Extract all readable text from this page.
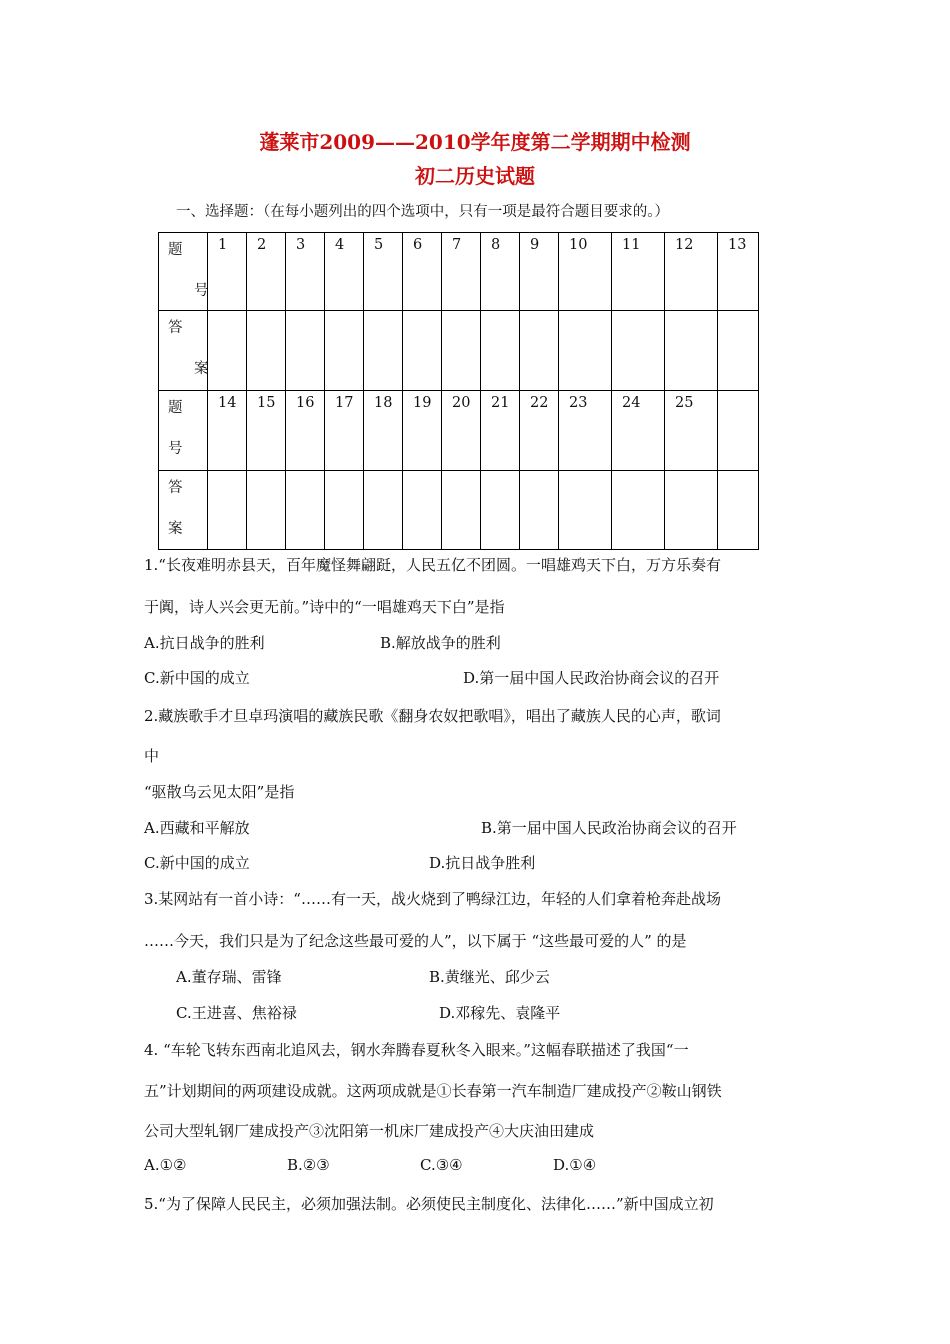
蓬莱市2009——2010学年度第二学期期中检测
初二历史试题
一、选择题：（在每小题列出的四个选项中，只有一项是最符合题目要求的。）
题
号	1	2	3	4	5	6	7	8	9	10	11	12	13

答
案													

题
号	14	15	16	17	18	19	20	21	22	23	24	25	

答
案													

1.“长夜难明赤县天，百年魔怪舞翩跹，人民五亿不团圆。一唱雄鸡天下白，万方乐奏有
于阗，诗人兴会更无前。”诗中的“一唱雄鸡天下白”是指
A.抗日战争的胜利	B.解放战争的胜利
C.新中国的成立	D.第一届中国人民政治协商会议的召开
2.藏族歌手才旦卓玛演唱的藏族民歌《翻身农奴把歌唱》，唱出了藏族人民的心声，歌词
中
“驱散乌云见太阳”是指
A.西藏和平解放	B.第一届中国人民政治协商会议的召开
C.新中国的成立	D.抗日战争胜利
3.某网站有一首小诗：“……有一天，战火烧到了鸭绿江边，年轻的人们拿着枪奔赴战场
……今天，我们只是为了纪念这些最可爱的人”，以下属于 “这些最可爱的人” 的是
A.董存瑞、雷锋	B.黄继光、邱少云
C.王进喜、焦裕禄	D.邓稼先、袁隆平
4. “车轮飞转东西南北追风去，钢水奔腾春夏秋冬入眼来。”这幅春联描述了我国“一
五”计划期间的两项建设成就。这两项成就是①长春第一汽车制造厂建成投产②鞍山钢铁
公司大型轧钢厂建成投产③沈阳第一机床厂建成投产④大庆油田建成
A.①②	B.②③	C.③④	D.①④
5.“为了保障人民民主，必须加强法制。必须使民主制度化、法律化……”新中国成立初
